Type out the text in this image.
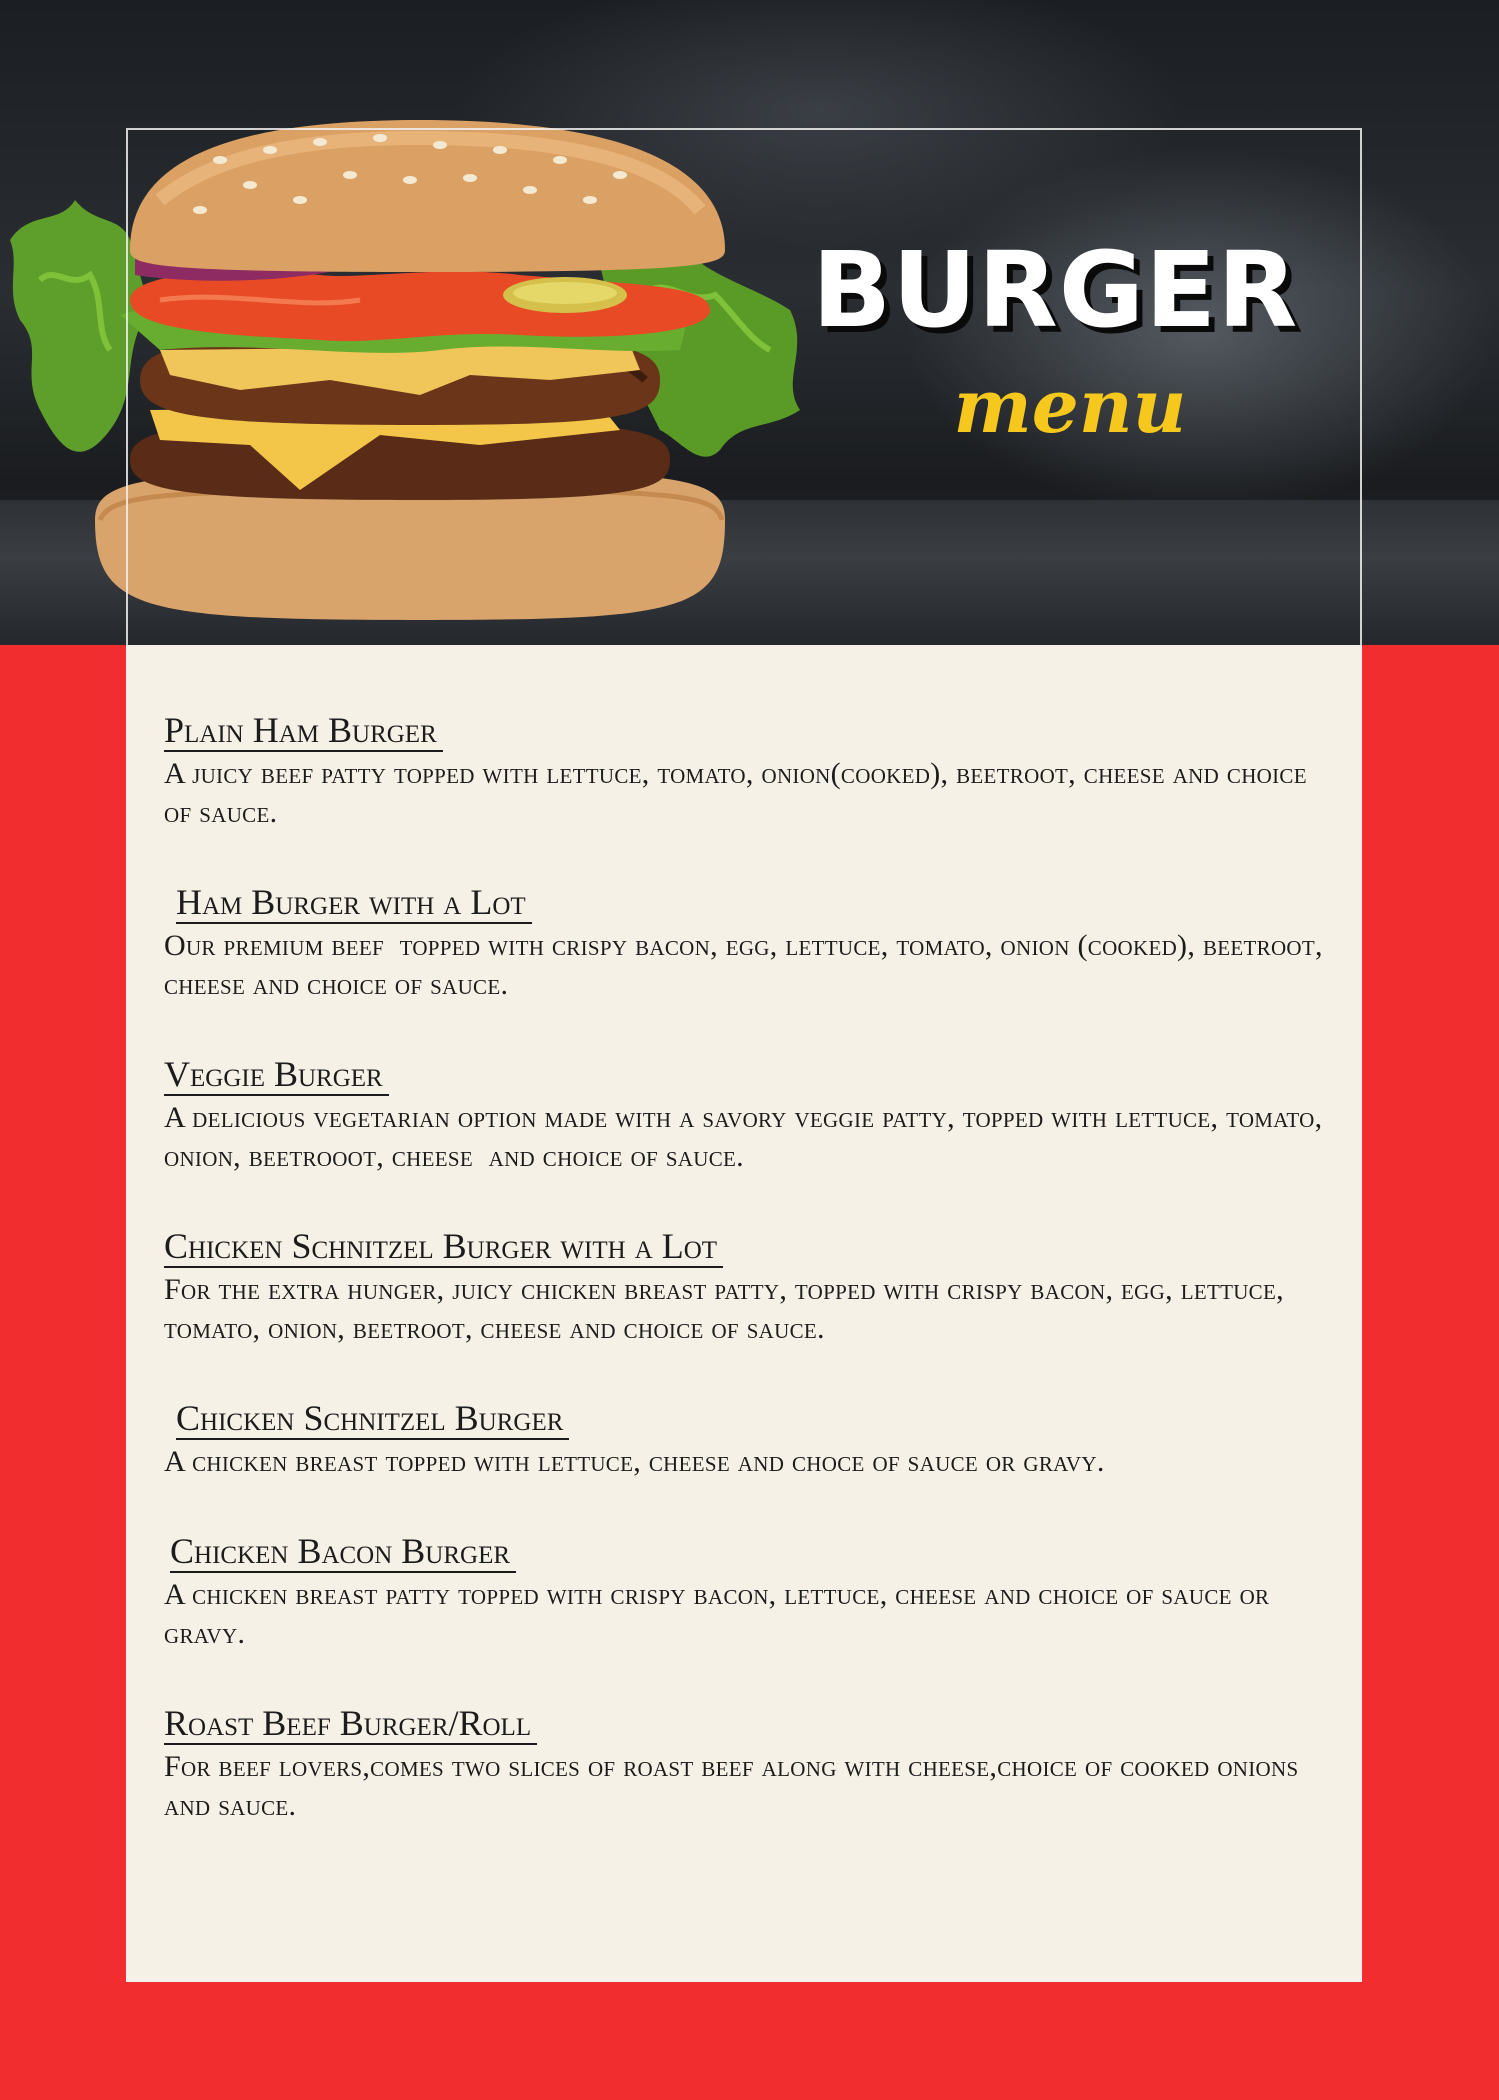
BURGER
menu
Plain Ham Burger
A juicy beef patty topped with lettuce, tomato, onion(cooked), beetroot, cheese and choice of sauce.
Ham Burger with a Lot
Our premium beef  topped with crispy bacon, egg, lettuce, tomato, onion (cooked), beetroot, cheese and choice of sauce.
Veggie Burger
A delicious vegetarian option made with a savory veggie patty, topped with lettuce, tomato, onion, beetrooot, cheese  and choice of sauce.
Chicken Schnitzel Burger with a Lot
For the extra hunger, juicy chicken breast patty, topped with crispy bacon, egg, lettuce, tomato, onion, beetroot, cheese and choice of sauce.
Chicken Schnitzel Burger
A chicken breast topped with lettuce, cheese and choce of sauce or gravy.
Chicken Bacon Burger
A chicken breast patty topped with crispy bacon, lettuce, cheese and choice of sauce or gravy.
Roast Beef Burger/Roll
For beef lovers,comes two slices of roast beef along with cheese,choice of cooked onions and sauce.
